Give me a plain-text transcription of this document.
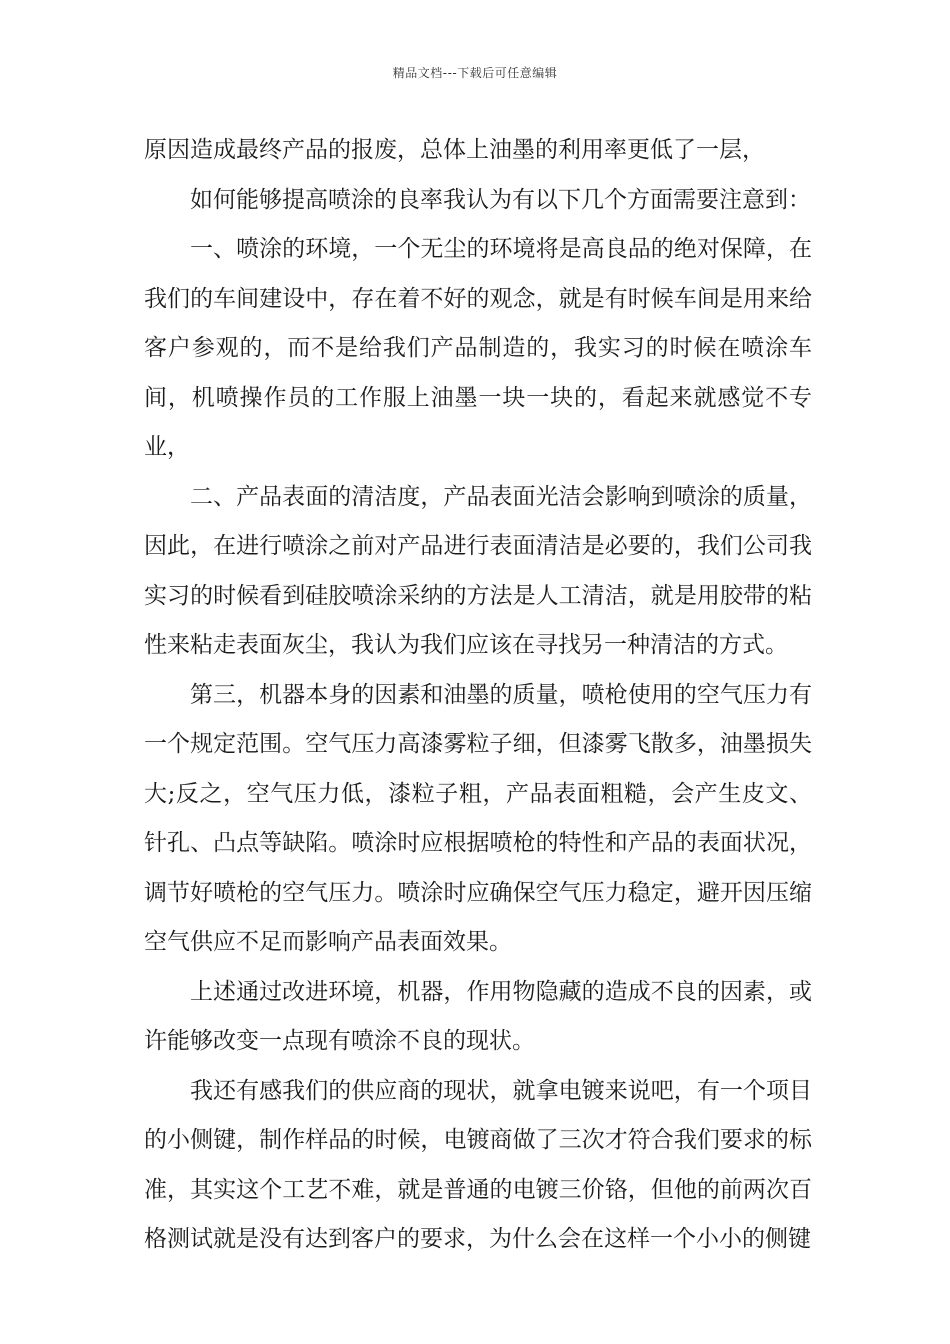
精品文档---下载后可任意编辑

原因造成最终产品的报废，总体上油墨的利用率更低了一层，

如何能够提高喷涂的良率我认为有以下几个方面需要注意到：

一、喷涂的环境，一个无尘的环境将是高良品的绝对保障，在我们的车间建设中，存在着不好的观念，就是有时候车间是用来给客户参观的，而不是给我们产品制造的，我实习的时候在喷涂车间，机喷操作员的工作服上油墨一块一块的，看起来就感觉不专业，

二、产品表面的清洁度，产品表面光洁会影响到喷涂的质量，因此，在进行喷涂之前对产品进行表面清洁是必要的，我们公司我实习的时候看到硅胶喷涂采纳的方法是人工清洁，就是用胶带的粘性来粘走表面灰尘，我认为我们应该在寻找另一种清洁的方式。

第三，机器本身的因素和油墨的质量，喷枪使用的空气压力有一个规定范围。空气压力高漆雾粒子细，但漆雾飞散多，油墨损失大;反之，空气压力低，漆粒子粗，产品表面粗糙，会产生皮文、针孔、凸点等缺陷。喷涂时应根据喷枪的特性和产品的表面状况，调节好喷枪的空气压力。喷涂时应确保空气压力稳定，避开因压缩空气供应不足而影响产品表面效果。

上述通过改进环境，机器，作用物隐藏的造成不良的因素，或许能够改变一点现有喷涂不良的现状。

我还有感我们的供应商的现状，就拿电镀来说吧，有一个项目的小侧键，制作样品的时候，电镀商做了三次才符合我们要求的标准，其实这个工艺不难，就是普通的电镀三价铬，但他的前两次百格测试就是没有达到客户的要求，为什么会在这样一个小小的侧键
